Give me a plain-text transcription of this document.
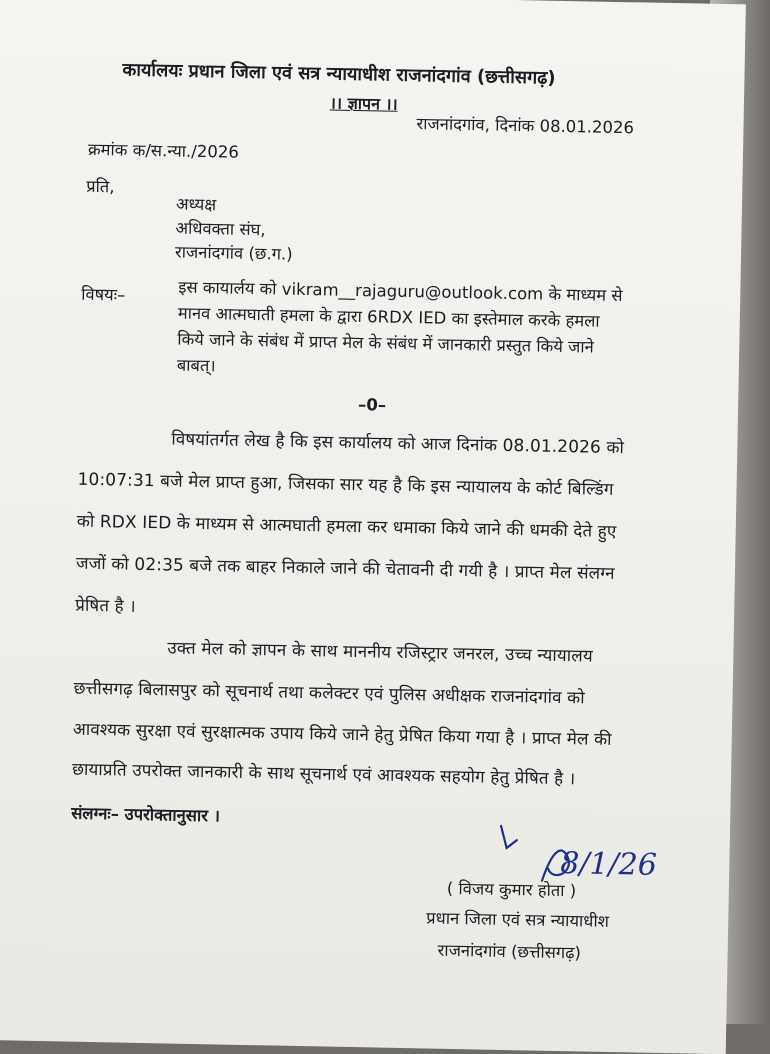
कार्यालयः प्रधान जिला एवं सत्र न्यायाधीश राजनांदगांव (छत्तीसगढ़)
।। ज्ञापन ।।
राजनांदगांव, दिनांक 08.01.2026
क्रमांक क/स.न्या./2026
प्रति,
अध्यक्ष
अधिवक्ता संघ,
राजनांदगांव (छ.ग.)
विषयः–	इस कायार्लय को vikram__rajaguru@outlook.com के माध्यम से
मानव आत्मघाती हमला के द्वारा 6RDX IED का इस्तेमाल करके हमला
किये जाने के संबंध में प्राप्त मेल के संबंध में जानकारी प्रस्तुत किये जाने
बाबत्।
–0–
विषयांतर्गत लेख है कि इस कार्यालय को आज दिनांक 08.01.2026 को
10:07:31 बजे मेल प्राप्त हुआ, जिसका सार यह है कि इस न्यायालय के कोर्ट बिल्डिंग
को RDX IED के माध्यम से आत्मघाती हमला कर धमाका किये जाने की धमकी देते हुए
जजों को 02:35 बजे तक बाहर निकाले जाने की चेतावनी दी गयी है । प्राप्त मेल संलग्न
प्रेषित है ।
उक्त मेल को ज्ञापन के साथ माननीय रजिस्ट्रार जनरल, उच्च न्यायालय
छत्तीसगढ़ बिलासपुर को सूचनार्थ तथा कलेक्टर एवं पुलिस अधीक्षक राजनांदगांव को
आवश्यक सुरक्षा एवं सुरक्षात्मक उपाय किये जाने हेतु प्रेषित किया गया है । प्राप्त मेल की
छायाप्रति उपरोक्त जानकारी के साथ सूचनार्थ एवं आवश्यक सहयोग हेतु प्रेषित है ।
संलग्नः– उपरोक्तानुसार ।
8/1/26
( विजय कुमार होता )
प्रधान जिला एवं सत्र न्यायाधीश
राजनांदगांव (छत्तीसगढ़)
